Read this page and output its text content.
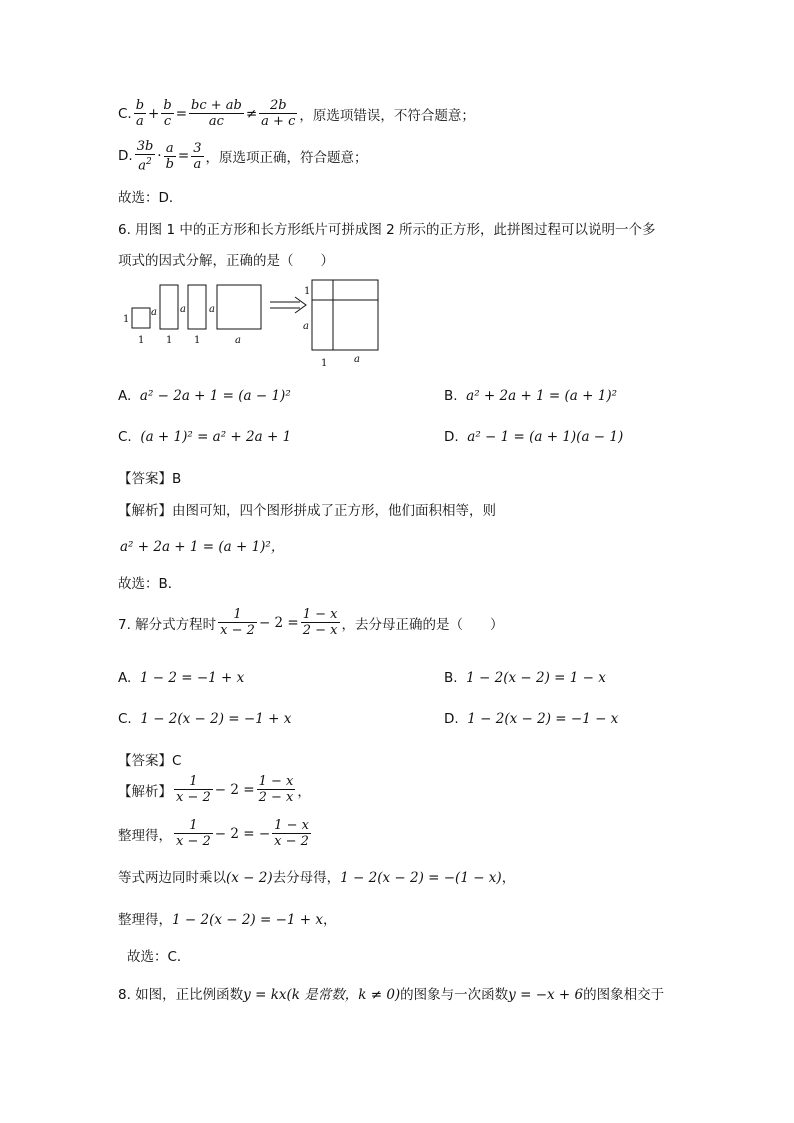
C. $\frac{b}{a} + \frac{b}{c} = \frac{bc + ab}{ac} \ne \frac{2b}{a + c}$ ，原选项错误，不符合题意；
D. $\frac{3b}{a^2} \cdot \frac{a}{b} = \frac{3}{a}$ ，原选项正确，符合题意；
故选：D．
6. 用图 1 中的正方形和长方形纸片可拼成图 2 所示的正方形，此拼图过程可以说明一个多
项式的因式分解，正确的是（　　）
1
1
a
1
a
1
a
a
1
a
1	a
A. a² − 2a + 1 = (a − 1)²	B. a² + 2a + 1 = (a + 1)²
C. (a + 1)² = a² + 2a + 1	D. a² − 1 = (a + 1)(a − 1)
【答案】B
【解析】由图可知，四个图形拼成了正方形，他们面积相等，则
a² + 2a + 1 = (a + 1)²，
故选：B．
7. 解分式方程时 $\frac{1}{x - 2} - 2 = \frac{1 - x}{2 - x}$ ，去分母正确的是（　　）
A. 1 − 2 = −1 + x	B. 1 − 2(x − 2) = 1 − x
C. 1 − 2(x − 2) = −1 + x	D. 1 − 2(x − 2) = −1 − x
【答案】C
【解析】 $\frac{1}{x - 2} - 2 = \frac{1 - x}{2 - x}$ ，
整理得， $\frac{1}{x - 2} - 2$ = − $\frac{1 - x}{x - 2}$
等式两边同时乘以(x − 2)去分母得，1 − 2(x − 2) = −(1 − x)，
整理得，1 − 2(x − 2) = −1 + x，
故选：C．
8. 如图，正比例函数y = kx(k 是常数，k ≠ 0)的图象与一次函数y = −x + 6的图象相交于
